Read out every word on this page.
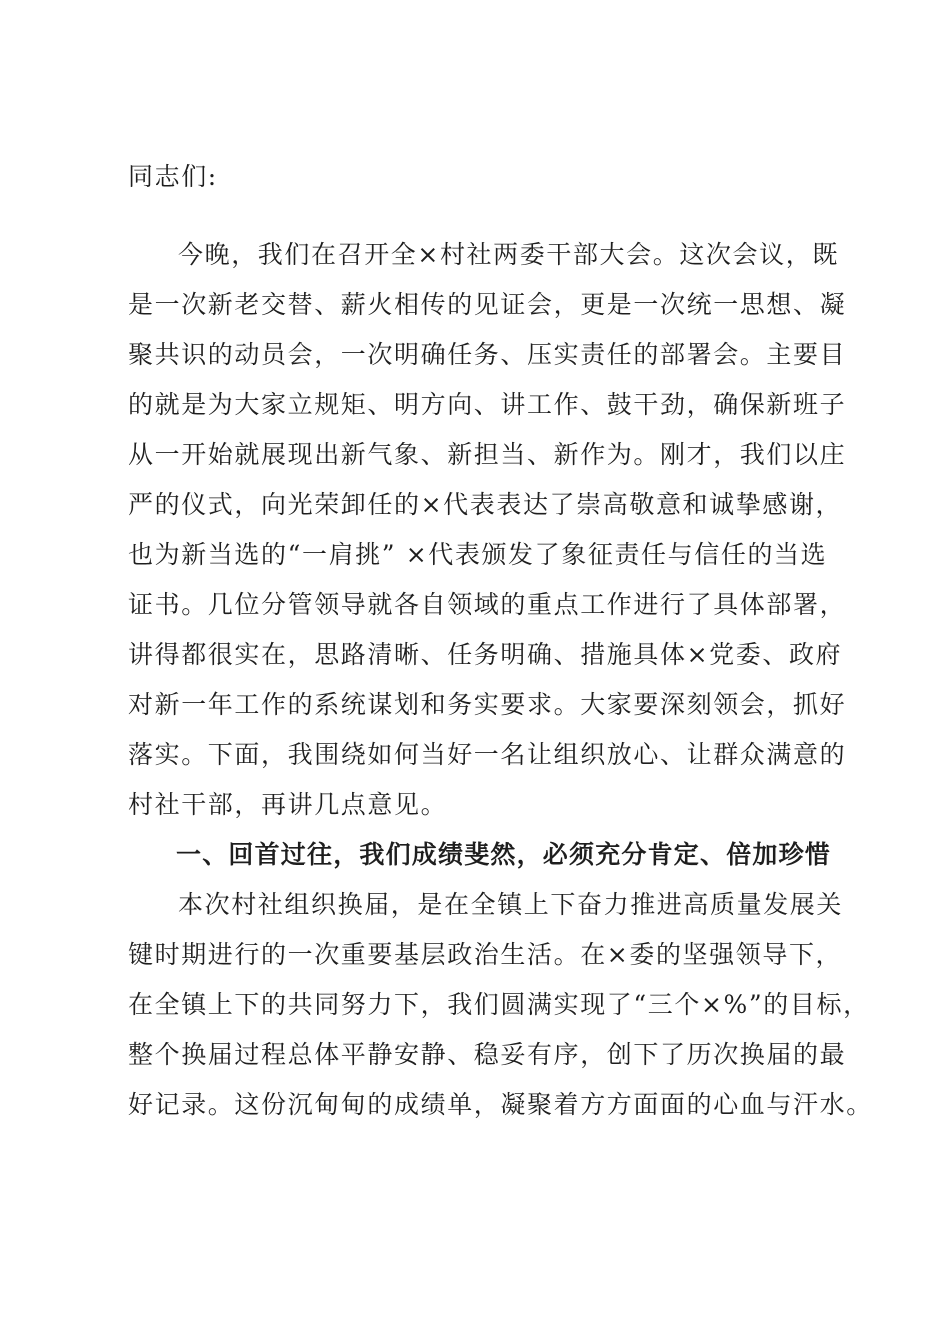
同志们:
今晚，我们在召开全×村社两委干部大会。这次会议，既
是一次新老交替、薪火相传的见证会，更是一次统一思想、凝
聚共识的动员会，一次明确任务、压实责任的部署会。主要目
的就是为大家立规矩、明方向、讲工作、鼓干劲，确保新班子
从一开始就展现出新气象、新担当、新作为。刚才，我们以庄
严的仪式，向光荣卸任的×代表表达了崇高敬意和诚挚感谢，
也为新当选的“一肩挑” ×代表颁发了象征责任与信任的当选
证书。几位分管领导就各自领域的重点工作进行了具体部署，
讲得都很实在，思路清晰、任务明确、措施具体×党委、政府
对新一年工作的系统谋划和务实要求。大家要深刻领会，抓好
落实。下面，我围绕如何当好一名让组织放心、让群众满意的
村社干部，再讲几点意见。
一、回首过往，我们成绩斐然，必须充分肯定、倍加珍惜
本次村社组织换届，是在全镇上下奋力推进高质量发展关
键时期进行的一次重要基层政治生活。在×委的坚强领导下，
在全镇上下的共同努力下，我们圆满实现了“三个×%”的目标，
整个换届过程总体平静安静、稳妥有序，创下了历次换届的最
好记录。这份沉甸甸的成绩单，凝聚着方方面面的心血与汗水。
